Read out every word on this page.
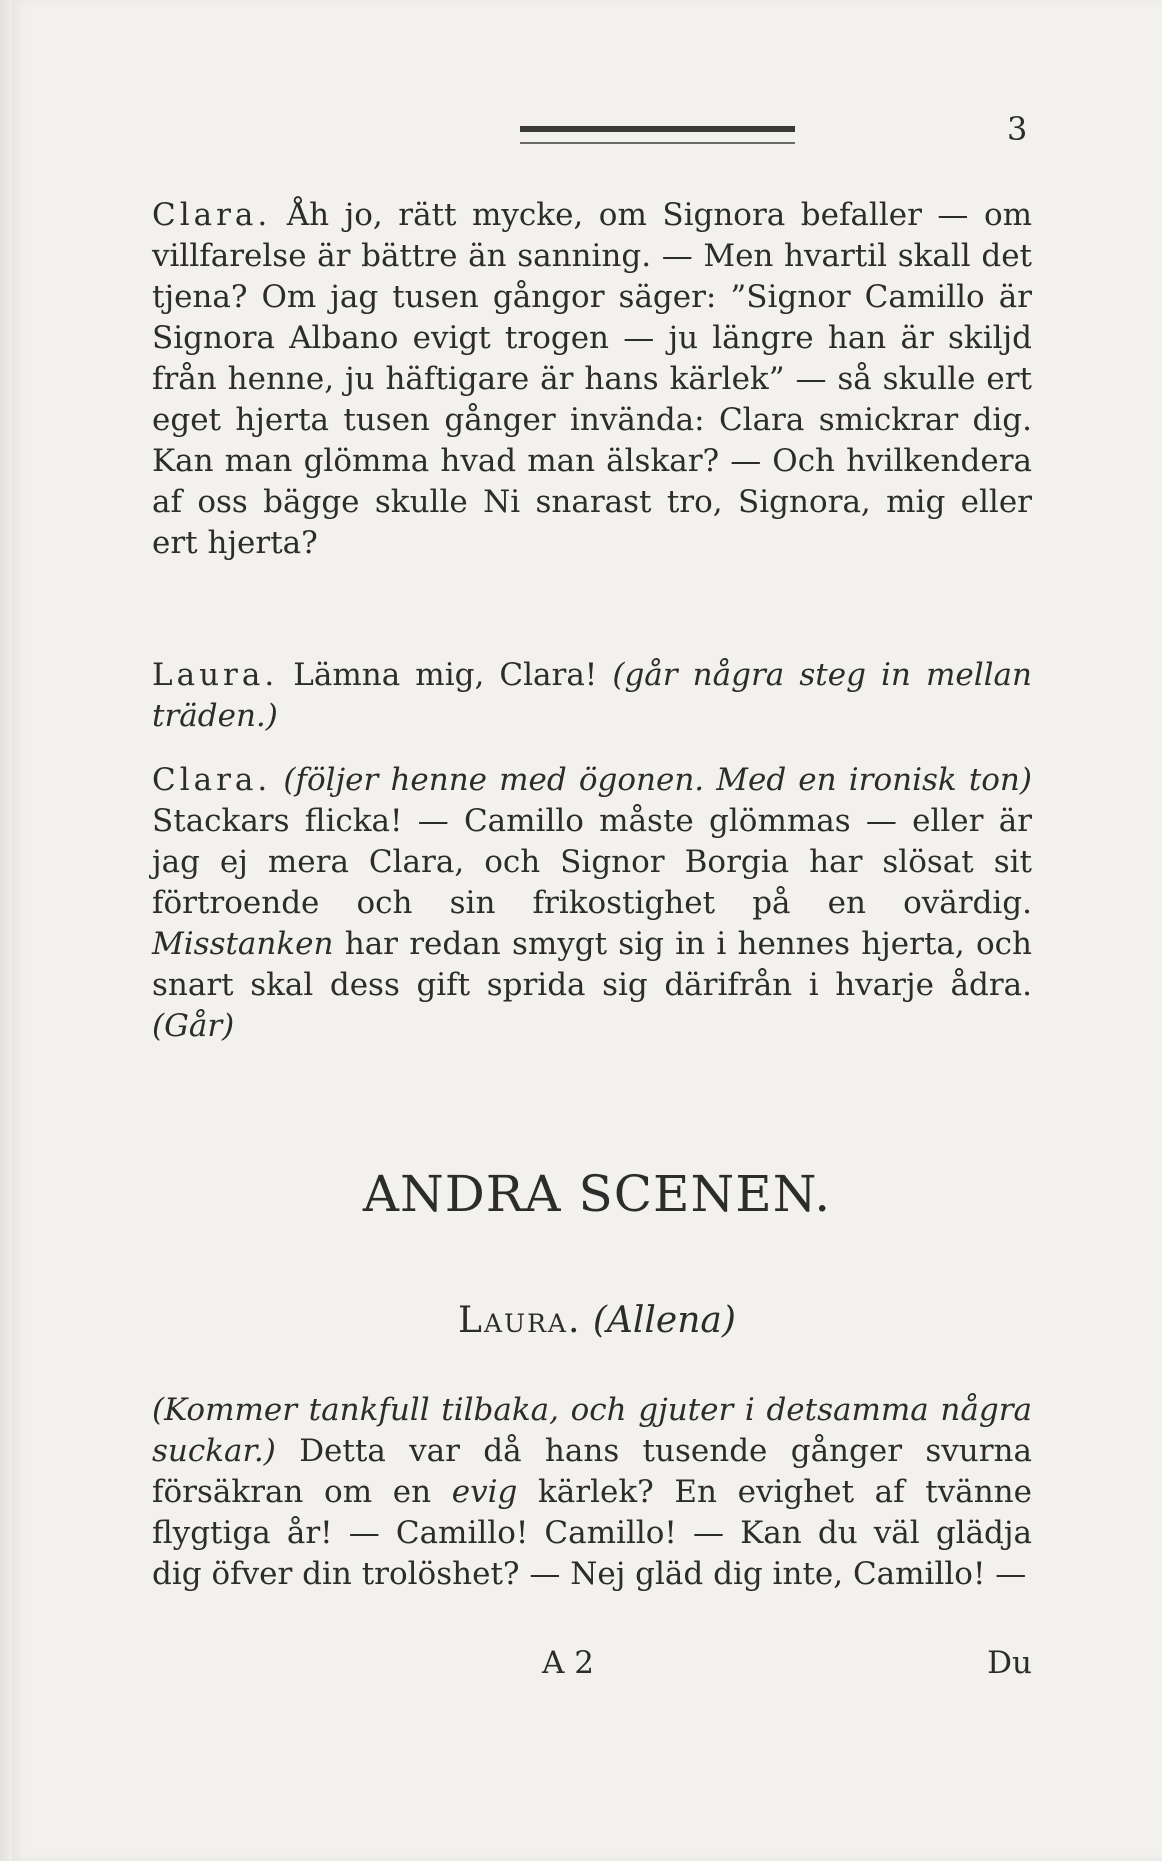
3

Clara. Åh jo, rätt mycke, om Signora befaller — om villfarelse är bättre än sanning. — Men hvartil skall det tjena? Om jag tusen gångor säger: ”Signor Camillo är Signora Albano evigt trogen — ju längre han är skiljd från henne, ju häftigare är hans kärlek” — så skulle ert eget hjerta tusen gånger invända: Clara smickrar dig. Kan man glömma hvad man älskar? — Och hvilkendera af oss bägge skulle Ni snarast tro, Signora, mig eller ert hjerta?

Laura. Lämna mig, Clara! (går några steg in mellan träden.)

Clara. (följer henne med ögonen. Med en ironisk ton) Stackars flicka! — Camillo måste glömmas — eller är jag ej mera Clara, och Signor Borgia har slösat sit förtroende och sin frikostighet på en ovärdig. Misstanken har redan smygt sig in i hennes hjerta, och snart skal dess gift sprida sig därifrån i hvarje ådra. (Går)

ANDRA SCENEN.
Laura. (Allena)

(Kommer tankfull tilbaka, och gjuter i detsamma några suckar.) Detta var då hans tusende gånger svurna försäkran om en evig kärlek? En evighet af tvänne flygtiga år! — Camillo! Camillo! — Kan du väl glädja dig öfver din trolöshet? — Nej gläd dig inte, Camillo! —

A 2	Du
